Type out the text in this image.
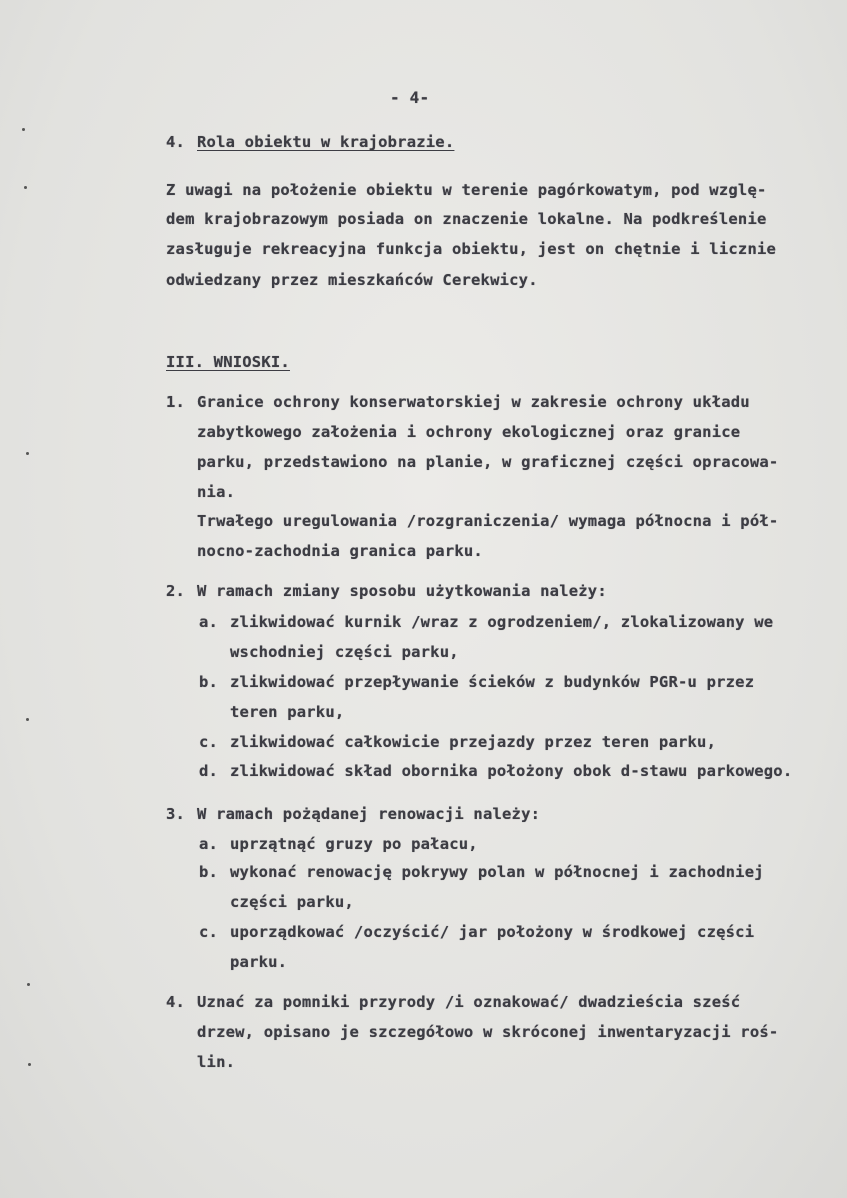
- 4-
4. Rola obiektu w krajobrazie.
Z uwagi na położenie obiektu w terenie pagórkowatym, pod wzglę-
dem krajobrazowym posiada on znaczenie lokalne. Na podkreślenie
zasługuje rekreacyjna funkcja obiektu, jest on chętnie i licznie
odwiedzany przez mieszkańców Cerekwicy.
III. WNIOSKI.
1. Granice ochrony konserwatorskiej w zakresie ochrony układu
zabytkowego założenia i ochrony ekologicznej oraz granice
parku, przedstawiono na planie, w graficznej części opracowa-
nia.
Trwałego uregulowania /rozgraniczenia/ wymaga północna i pół-
nocno-zachodnia granica parku.
2. W ramach zmiany sposobu użytkowania należy:
a. zlikwidować kurnik /wraz z ogrodzeniem/, zlokalizowany we
wschodniej części parku,
b. zlikwidować przepływanie ścieków z budynków PGR-u przez
teren parku,
c. zlikwidować całkowicie przejazdy przez teren parku,
d. zlikwidować skład obornika położony obok d-stawu parkowego.
3. W ramach pożądanej renowacji należy:
a. uprzątnąć gruzy po pałacu,
b. wykonać renowację pokrywy polan w północnej i zachodniej
części parku,
c. uporządkować /oczyścić/ jar położony w środkowej części
parku.
4. Uznać za pomniki przyrody /i oznakować/ dwadzieścia sześć
drzew, opisano je szczegółowo w skróconej inwentaryzacji roś-
lin.
